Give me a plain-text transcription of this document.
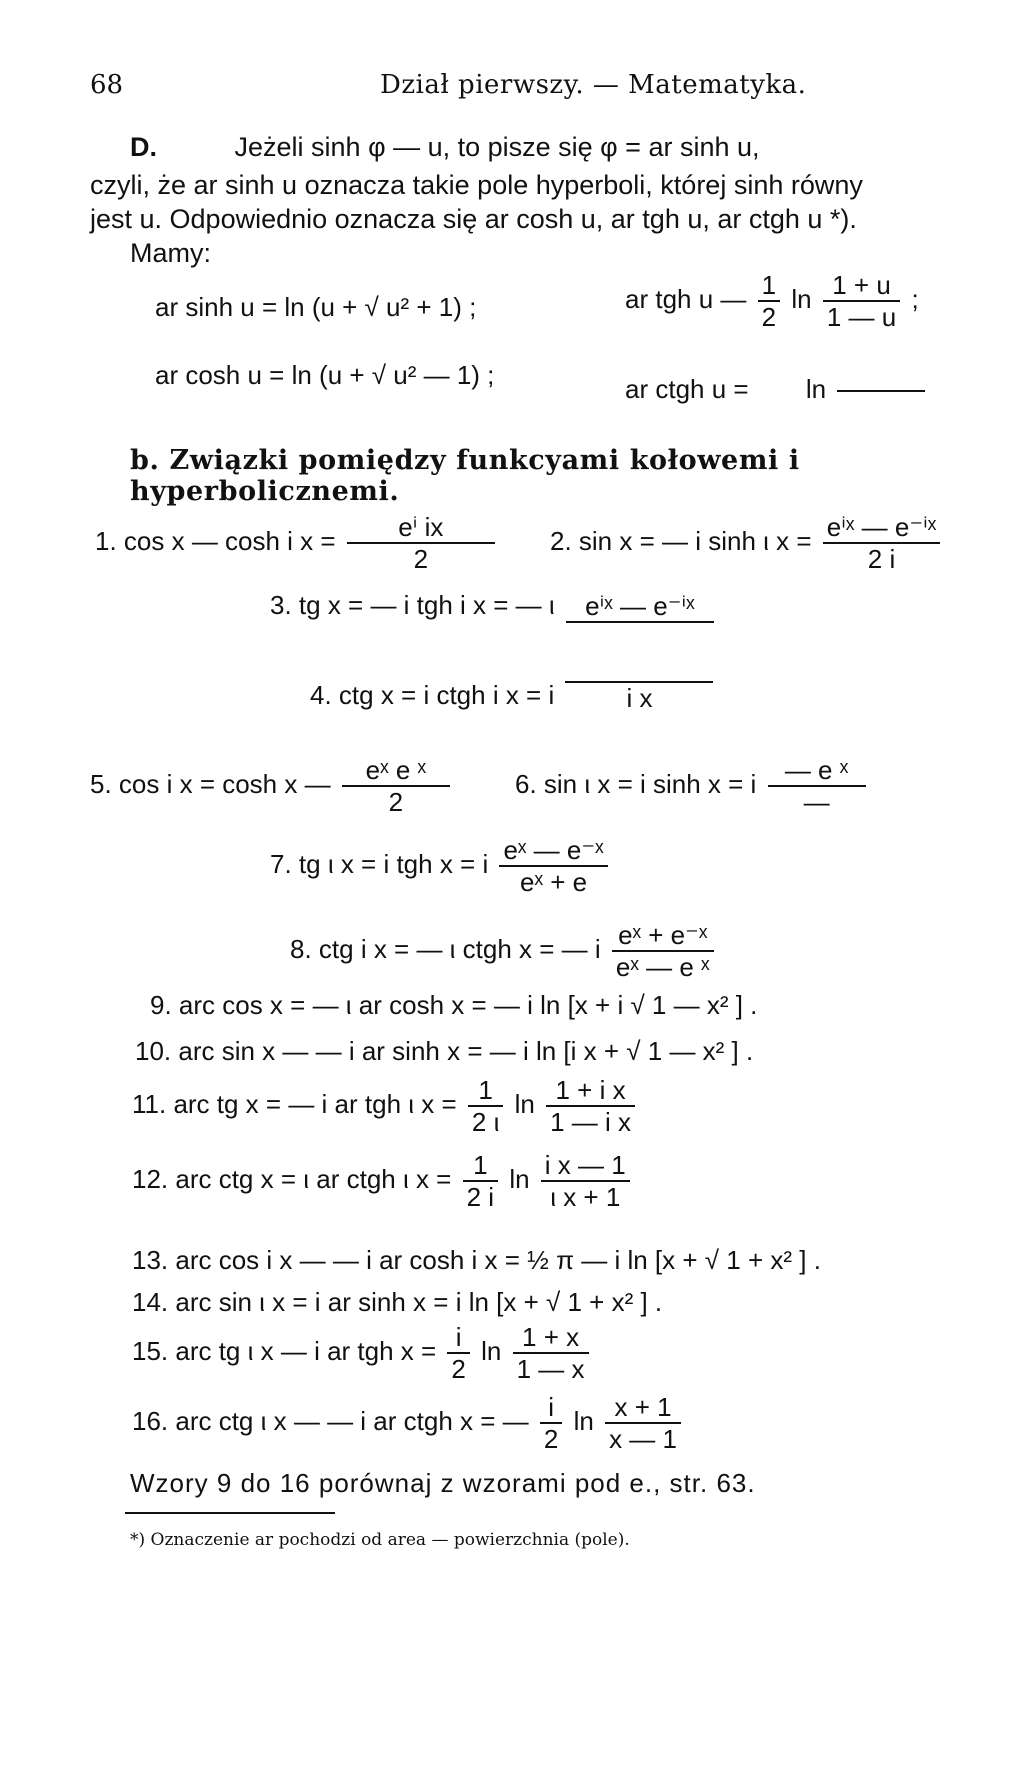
68	Dział pierwszy. — Matematyka.
D.	Jeżeli sinh φ — u, to pisze się φ = ar sinh u,
czyli, że ar sinh u oznacza takie pole hyperboli, której sinh równy
jest u. Odpowiednio oznacza się ar cosh u, ar tgh u, ar ctgh u *).
Mamy:
ar sinh u = ln (u + √ u² + 1) ;	ar tgh u — $\frac{1}{2}$ $\ln \frac{1 + u}{1 — u}$ ;
ar cosh u = ln (u + √ u² — 1) ;	ar ctgh u = ln

b. Związki pomiędzy funkcyami kołowemi i hyperbolicznemi.
1. cos x — cosh i $x = \frac{\text{eⁱ ix}}{2} 2$. sin x = — i sinh ι $x = \frac{\text{eⁱˣ — e⁻ⁱˣ}}{2 i}$
3. tg x = — i tgh i x = — ι	eⁱˣ — e⁻ⁱˣ
4. ctg x = i ctgh i x = i	i x
5. cos i x = cosh x — $\frac{\text{eˣ e ˣ}}{2}$	6. sin ι x = i sinh x = i $\frac{\text{— e ˣ}}{—}$
7. tg ι x = i tgh x = i $\frac{\text{eˣ — e⁻ˣ}}{\text{eˣ + e}}$
8. ctg i x = — ι ctgh x = — i $\frac{\text{eˣ + e⁻ˣ}}{\text{eˣ — e ˣ}}$
9. arc cos x = — ι ar cosh x = — i ln [x + i √ 1 — x² ] .
10. arc sin x — — i ar sinh x = — i ln [i x + √ 1 — x² ] .
11. arc tg x = — i ar tgh ι $x = \frac{1}{2 \iota}$ $\ln \frac{\text{1 + i x}}{\text{1 — i x}}$
12. arc ctg x = ι ar ctgh ι $x = \frac{1}{2 i}$ $\ln \frac{\text{i x — 1}}{\text{ι x + 1}}$
13. arc cos i x — — i ar cosh i x = ½ π — i ln [x + √ 1 + x² ] .
14. arc sin ι x = i ar sinh x = i ln [x + √ 1 + x² ] .
15. arc tg ι x — i ar tgh $x = \frac{i}{2}$ $\ln \frac{1 + x}{1 — x}$
16. arc ctg ι x — — i ar ctgh x = — $\frac{i}{2}$ $\ln \frac{x + 1}{x — 1}$
Wzory 9 do 16 porównaj z wzorami pod e., str. 63.
*) Oznaczenie ar pochodzi od area — powierzchnia (pole).
